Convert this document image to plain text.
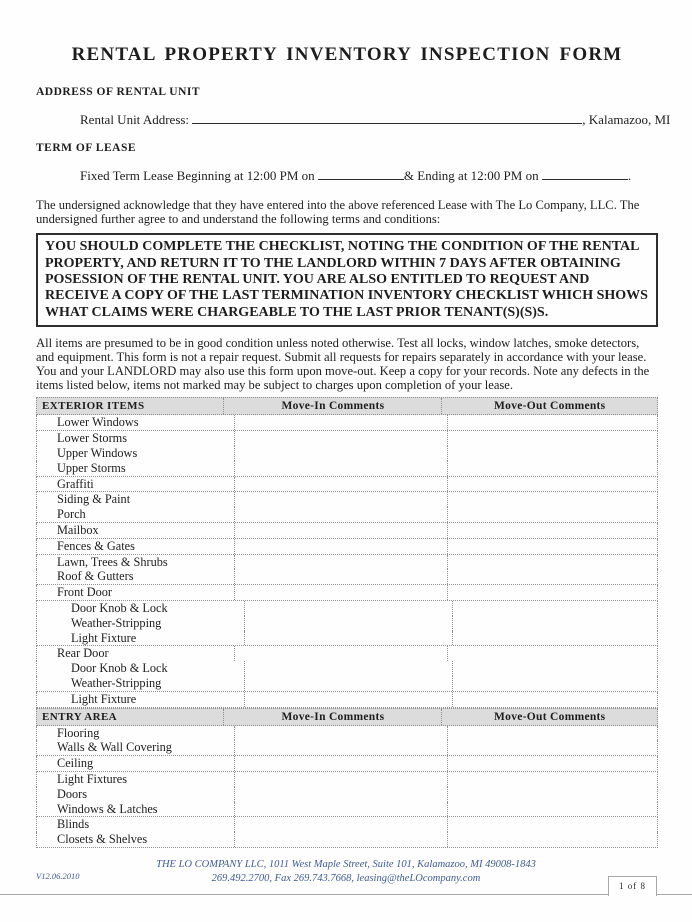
RENTAL PROPERTY INVENTORY INSPECTION FORM
ADDRESS OF RENTAL UNIT
Rental Unit Address:	, Kalamazoo, MI
TERM OF LEASE
Fixed Term Lease Beginning at 12:00 PM on	& Ending at 12:00 PM on	.

The undersigned acknowledge that they have entered into the above referenced Lease with The Lo Company, LLC. The undersigned further agree to and understand the following terms and conditions:

YOU SHOULD COMPLETE THE CHECKLIST, NOTING THE CONDITION OF THE RENTAL PROPERTY, AND RETURN IT TO THE LANDLORD WITHIN 7 DAYS AFTER OBTAINING POSESSION OF THE RENTAL UNIT. YOU ARE ALSO ENTITLED TO REQUEST AND RECEIVE A COPY OF THE LAST TERMINATION INVENTORY CHECKLIST WHICH SHOWS WHAT CLAIMS WERE CHARGEABLE TO THE LAST PRIOR TENANT(S)(S)S.

All items are presumed to be in good condition unless noted otherwise. Test all locks, window latches, smoke detectors, and equipment. This form is not a repair request. Submit all requests for repairs separately in accordance with your lease. You and your LANDLORD may also use this form upon move-out. Keep a copy for your records. Note any defects in the items listed below, items not marked may be subject to charges upon completion of your lease.

EXTERIOR ITEMS	Move-In Comments	Move-Out Comments
Lower Windows
Lower Storms
Upper Windows
Upper Storms
Graffiti
Siding & Paint
Porch
Mailbox
Fences & Gates
Lawn, Trees & Shrubs
Roof & Gutters
Front Door
Door Knob & Lock
Weather-Stripping
Light Fixture
Rear Door
Door Knob & Lock
Weather-Stripping
Light Fixture
ENTRY AREA	Move-In Comments	Move-Out Comments
Flooring
Walls & Wall Covering
Ceiling
Light Fixtures
Doors
Windows & Latches
Blinds
Closets & Shelves
V12.06.2010
THE LO COMPANY LLC, 1011 West Maple Street, Suite 101, Kalamazoo, MI 49008-1843
269.492.2700, Fax 269.743.7668, leasing@theLOcompany.com
1 of 8
